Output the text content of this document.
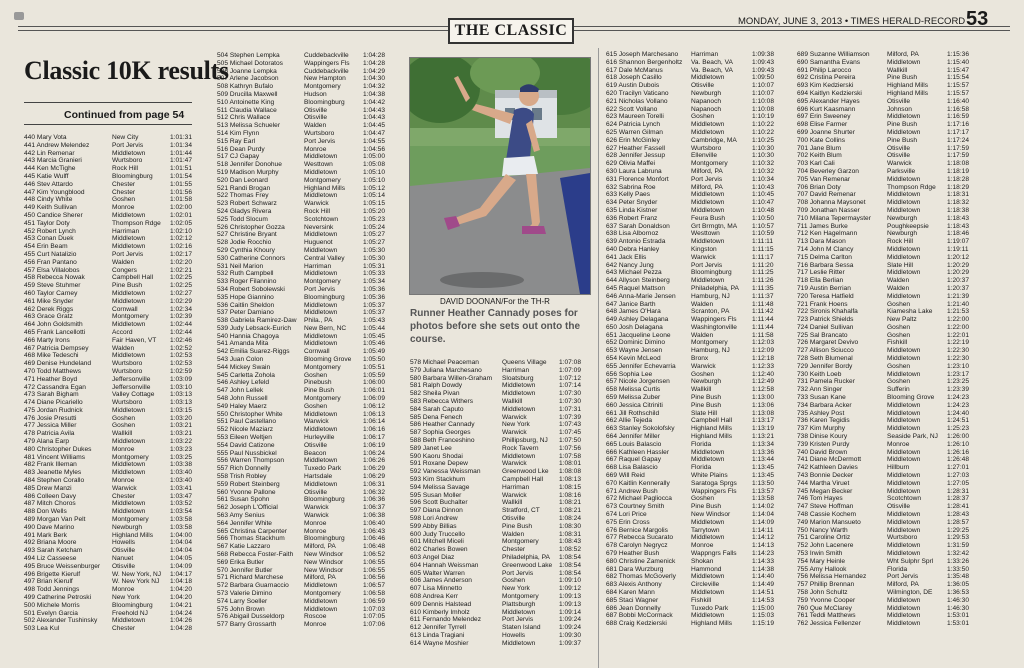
THE CLASSIC
MONDAY, JUNE 3, 2013 • TIMES HERALD-RECORD 53
Classic 10K results
Continued from page 54
440 Mary Vota	New City	1:01:31
441 Andrew Melendez	Port Jervis	1:01:34
442 Lin Remenar	Middletown	1:01:44
443 Marcia Granieri	Wurtsboro	1:01:47
444 Ken McTighe	Rock Hill	1:01:51
445 Katie Wulff	Bloomingburg	1:01:54
446 Stev Attardo	Chester	1:01:55
447 Kim Youngblood	Chester	1:01:56
448 Cindy White	Goshen	1:01:58
449 Keith Sullivan	Monroe	1:02:00
450 Candice Sherer	Middletown	1:02:01
451 Taylor Doty	Thompson Rdge	1:02:05
452 Robert Lynch	Harriman	1:02:10
453 Conan Duek	Middletown	1:02:12
454 Erin Beam	Middletown	1:02:16
455 Curt Natalizio	Port Jervis	1:02:17
456 Fran Pantano	Walden	1:02:20
457 Elsa Villalobos	Congers	1:02:21
458 Rebecca Nowak	Campbell Hall	1:02:25
459 Steve Stuhmer	Pine Bush	1:02:25
460 Taylor Carney	Middletown	1:02:27
461 Mike Snyder	Middletown	1:02:29
462 Derek Riggs	Cornwall	1:02:34
463 Grace Gratz	Montgomery	1:02:39
464 John Goldsmith	Middletown	1:02:44
465 Frank Lancellotti	Accord	1:02:44
466 Marty Irons	Fair Haven, VT	1:02:46
467 Patricia Dempsey	Walden	1:02:52
468 Mike Tedeschi	Middletown	1:02:53
469 Denise Hundeland	Wurtsboro	1:02:53
470 Todd Matthews	Wurtsboro	1:02:59
471 Heather Boyd	Jeffersonville	1:03:09
472 Cassandra Egan	Jeffersonville	1:03:10
473 Sarah Bigham	Valley Cottage	1:03:13
474 Diane Picariello	Wurtsboro	1:03:13
475 Jordan Rudnick	Middletown	1:03:15
476 Josie Presutti	Goshen	1:03:20
477 Jessica Miller	Goshen	1:03:21
478 Patricia Avila	Wallkill	1:03:21
479 Alana Earp	Middletown	1:03:22
480 Christopher Dukes	Monroe	1:03:23
481 Vincent Williams	Montgomery	1:03:25
482 Frank Illeman	Middletown	1:03:38
483 Jeanette Myles	Middletown	1:03:40
484 Stephen Corallo	Monroe	1:03:40
485 Drew Manzi	Warwick	1:03:41
486 Colleen Davy	Chester	1:03:47
487 Mitch Choros	Middletown	1:03:52
488 Don Wells	Middletown	1:03:54
489 Morgan Van Pelt	Montgomery	1:03:58
490 Dave Marino	Newburgh	1:03:58
491 Mark Berk	Highland Mills	1:04:00
492 Briana Moore	Howells	1:04:04
493 Sarah Ketcham	Otisville	1:04:04
494 Liz Casseese	Nanuet	1:04:05
495 Bruce Weissenburger	Otisville	1:04:09
496 Brigette Kierulf	W. New York, NJ	1:04:17
497 Brian Kierulf	W. New York NJ	1:04:18
498 Todd Jennings	Monroe	1:04:20
499 Catherine Petroski	New York	1:04:20
500 Michele Morris	Bloomingburg	1:04:21
501 Evelyn Garcia	Freehold NJ	1:04:24
502 Alexander Tushinsky	Middletown	1:04:26
503 Lea Kul	Chester	1:04:28
504 Stephen Lempka	Cuddebackville	1:04:28
505 Michael Dotoratos	Wappingers Fls	1:04:28
506 Joanne Lempka	Cuddebackville	1:04:29
507 Arlene Jacobson	New Hampton	1:04:30
508 Kathryn Bufalo	Montgomery	1:04:32
509 Drucilla Maxwell	Hudson	1:04:38
510 Antoinette King	Bloomingburg	1:04:42
511 Claudia Wallace	Otisville	1:04:43
512 Chris Wallace	Otisville	1:04:43
513 Melissa Schueler	Walden	1:04:45
514 Kim Flynn	Wurtsboro	1:04:47
515 Ray Earl	Port Jervis	1:04:55
516 Dean Purdy	Monroe	1:04:56
517 CJ Gapay	Middletown	1:05:00
518 Jennifer Donohue	Westtown	1:05:08
519 Madison Murphy	Middletown	1:05:10
520 Dan Leonard	Montgomery	1:05:10
521 Randi Brogan	Highland Mills	1:05:12
522 Thomas Frey	Middletown	1:05:14
523 Robert Schwarz	Warwick	1:05:15
524 Gladys Rivera	Rock Hill	1:05:20
525 Todd Slocum	Scotchtown	1:05:23
526 Christopher Gozza	Neversink	1:05:24
527 Christine Bryant	Middletown	1:05:27
528 Jodie Rocchio	Huguenot	1:05:27
529 Cynthia Khoury	Middletown	1:05:30
530 Catherine Connors	Central Valley	1:05:30
531 Neil Marion	Harriman	1:05:31
532 Ruth Campbell	Middletown	1:05:33
533 Roger Filannino	Montgomery	1:05:34
534 Robert Sobolewski	Port Jervis	1:05:36
535 Hope Giannino	Bloomingburg	1:05:36
536 Caitlin Sheldon	Middletown	1:05:37
537 Peter Damiano	Middletown	1:05:37
538 Gabriela Ramirez-Daw	Phila., PA	1:05:43
539 Judy Lebsack-Eurich	New Bern, NC	1:05:44
540 Hannia Chagoya	Middletown	1:05:45
541 Amanda Mita	Middletown	1:05:46
542 Emilia Suarez-Riggs	Cornwall	1:05:49
543 Juan Colon	Blooming Grove	1:05:50
544 Mickey Swain	Montgomery	1:05:51
545 Carletta Zohola	Goshen	1:05:59
546 Ashley Lefeld	Pinebush	1:06:00
547 John Lellek	Pine Bush	1:06:01
548 John Russell	Montgomery	1:06:09
549 Haley Maerz	Goshen	1:06:12
550 Christopher White	Middletown	1:06:13
551 Paul Castellano	Warwick	1:06:14
552 Nicole Maziarz	Middletown	1:06:16
553 Eileen Weltjen	Hurleyville	1:06:17
554 David Catizone	Otisville	1:06:19
555 Paul Nussbickel	Beacon	1:06:24
556 Warren Thompson	Middletown	1:06:26
557 Rich Donnelly	Tuxedo Park	1:06:29
558 Trish Robley	Hartsdale	1:06:29
559 Robert Steinberg	Middletown	1:06:31
560 Yvonne Pallone	Otisville	1:06:32
561 Susan Spohn	Bloomingburg	1:06:36
562 Joseph L'Official	Warwick	1:06:37
563 Amy Senius	Warwick	1:06:38
564 Jennifer White	Monroe	1:06:40
565 Christina Carpenter	Monroe	1:06:43
566 Thomas Stackhum	Bloomingburg	1:06:46
567 Katie Lazzaro	Milford, PA	1:06:48
568 Rebecca Foster-Faith	New Windsor	1:06:52
569 Erika Butler	New Windsor	1:06:55
570 Jennifer Butler	New Windsor	1:06:55
571 Richard Marchese	Milford, PA	1:06:56
572 Barbara Guarnaccio	Middletown	1:06:57
573 Valerie Dimino	Montgomery	1:06:58
574 Larry Soeller	Middletown	1:06:59
575 John Brown	Middletown	1:07:03
576 Abigail Dusseldorp	Roscoe	1:07:05
577 Barry Grossarth	Monroe	1:07:06
578 Michael Peaceman	Queens Village	1:07:08
579 Juliana Marchesano	Harriman	1:07:09
580 Barbara Willen-Graham	Sloatsburg	1:07:12
581 Ralph Dowdy	Middletown	1:07:14
582 Sheila Pivan	Middletown	1:07:30
583 Rebecca Withers	Wallkill	1:07:30
584 Sarah Caputo	Middletown	1:07:31
585 Dena Fenech	Warwick	1:07:39
586 Heather Cannady	New York	1:07:43
587 Sophia Georges	Warwick	1:07:45
588 Beth Franceshino	Phillipsburg, NJ	1:07:50
589 Janet Lee	Rock Tavern	1:07:56
590 Kaoru Shodai	Middletown	1:07:58
591 Roxane Depew	Warwick	1:08:01
592 Vanessa Weissman	Greenwood Lke	1:08:08
593 Kim Stackhum	Campbell Hall	1:08:13
594 Melissa Savage	Harriman	1:08:15
595 Susan Moller	Warwick	1:08:16
596 Scott Buchalter	Wallkill	1:08:21
597 Diana Dinnon	Stratford, CT	1:08:21
598 Lori Andrew	Otisville	1:08:24
599 Abby Billias	Pine Bush	1:08:30
600 Judy Truccello	Walden	1:08:31
601 Mitchell Miceli	Montgomery	1:08:43
602 Charles Bowen	Chester	1:08:52
603 Angel Diaz	Philadelphia, PA	1:08:54
604 Hannah Weissman	Greenwood Lake	1:08:54
605 Walter Warren	Port Jervis	1:08:54
606 James Anderson	Goshen	1:09:10
607 Lisa Minnetto	New York	1:09:12
608 Andrea Kerr	Montgomery	1:09:13
609 Dennis Halstead	Plattsburgh	1:09:13
610 Kimberly Imholz	Middletown	1:09:14
611 Fernando Melendez	Port Jervis	1:09:24
612 Jennifer Tyrrell	Staten Island	1:09:24
613 Linda Tragiani	Howells	1:09:30
614 Wayne Moshier	Middletown	1:09:37
615 Joseph Marchesano	Harriman	1:09:38
616 Shannon Bergenholtz	Va. Beach, VA	1:09:43
617 Dale McManus	Va. Beach, VA	1:09:43
618 Joseph Casillo	Middletown	1:09:50
619 Austin Dubois	Otisville	1:10:07
620 Tracilyn Vaticano	Newburgh	1:10:07
621 Nicholas Vollano	Napanoch	1:10:08
622 Scott Vollano	Napanoch	1:10:08
623 Maureen Torelli	Goshen	1:10:19
624 Patricia Lynch	Middletown	1:10:22
625 Warren Gilman	Middletown	1:10:22
626 Erin McGinley	Cambridge, MA	1:10:25
627 Heather Fassell	Wurtsboro	1:10:30
628 Jennifer Jessup	Ellenville	1:10:30
629 Olivia Maffei	Montgomery	1:10:32
630 Laura Labruna	Milford, PA	1:10:32
631 Florence Monfort	Port Jervis	1:10:34
632 Sabrina Roe	Milford, PA	1:10:43
633 Kelly Paes	Middletown	1:10:45
634 Peter Snyder	Middletown	1:10:47
635 Linda Kistner	Middletown	1:10:48
636 Robert Franz	Feura Bush	1:10:50
637 Sarah Donaldson	Grt Brrngtn, MA	1:10:57
638 Lisa Albornoz	Westtown	1:10:59
639 Antonio Estrada	Middletown	1:11:11
640 Debra Hanley	Kingston	1:11:15
641 Jack Ellis	Warwick	1:11:17
642 Nancy Jung	Port Jervis	1:11:20
643 Michael Pezza	Bloomingburg	1:11:25
644 Allyson Steinberg	Middletown	1:11:26
645 Raquel Mattson	Philadelphia, PA	1:11:35
646 Anna-Marie Jensen	Hamburg, NJ	1:11:37
647 Janice Barth	Walden	1:11:48
648 James O'Hara	Scranton, PA	1:11:42
649 Ashley Delagana	Wappingers Fls	1:11:44
650 Josh Delagana	Washingtonville	1:11:44
651 Jacqueline Leone	Walden	1:11:58
652 Dominic Dimino	Montgomery	1:12:03
653 Wayne Jensen	Hamburg, NJ	1:12:09
654 Kevin McLeod	Bronx	1:12:18
655 Jennifer Echevarria	Warwick	1:12:33
656 Sophia Lee	Goshen	1:12:40
657 Nicole Jorgensen	Newburgh	1:12:49
658 Melissa Curtis	Wallkill	1:12:58
659 Melissa Zuber	Pine Bush	1:13:00
660 Jessica Citriniti	Pine Bush	1:13:06
661 Jill Rothschild	Slate Hill	1:13:08
662 Allie Tejeda	Campbell Hall	1:13:17
663 Stanley Sokolofsky	Highland Mills	1:13:19
664 Jennifer Miller	Highland Mills	1:13:21
665 Louis Balascio	Florida	1:13:34
666 Kathleen Hassler	Middletown	1:13:36
667 Raquel Gapay	Middletown	1:13:44
668 Lisa Balascio	Florida	1:13:45
669 Will Reid	White Plains	1:13:45
670 Kaitlin Kennerally	Saratoga Sprgs	1:13:50
671 Andrew Bush	Wappingers Fls	1:13:57
672 Michael Pagliocca	Goshen	1:13:58
673 Courtney Smith	Pine Bush	1:14:02
674 Lori Price	New Windsor	1:14:04
675 Erin Cross	Middletown	1:14:09
676 Bernice Margolis	Tarrytown	1:14:11
677 Rebecca Sucarato	Middletown	1:14:12
678 Carolyn Negrycz	Monroe	1:14:13
679 Heather Bush	Wappngrs Falls	1:14:23
680 Christine Zamenick	Shokan	1:14:33
681 Dara Wurzburg	Hammond	1:14:38
682 Thomas McGoverly	Middletown	1:14:40
683 Alexis Anthony	Circleville	1:14:49
684 Karen Mann	Middletown	1:14:51
685 Staci Wagner	Fishkill	1:14:53
686 Jean Donnelly	Tuxedo Park	1:15:00
687 Bobbi McCormack	Middletown	1:15:03
688 Craig Kedzierski	Highland Mills	1:15:19
689 Suzanne Williamson	Milford, PA	1:15:36
690 Samantha Evans	Middletown	1:15:40
691 Philip Larocco	Wallkill	1:15:47
692 Cristina Pereira	Pine Bush	1:15:54
693 Kim Kedzierski	Highland Mills	1:15:57
694 Kaitlyn Kedzierski	Highland Mills	1:15:57
695 Alexander Hayes	Otisville	1:16:40
696 Kurt Kaasmann	Johnson	1:16:58
697 Erin Sweeney	Middletown	1:16:59
698 Elise Farmer	Pine Bush	1:17:16
699 Joanne Shurter	Middletown	1:17:17
700 Kate Collins	Pine Bush	1:17:24
701 Jane Blum	Otisville	1:17:59
702 Keith Blum	Otisville	1:17:59
703 Karl Cali	Warwick	1:18:08
704 Beverley Garzon	Parksville	1:18:19
705 Van Remenar	Middletown	1:18:28
706 Brian Doty	Thompson Rdge	1:18:29
707 David Remenar	Middletown	1:18:31
708 Johanna Maysonet	Middletown	1:18:32
709 Jonathan Nasser	Middletown	1:18:38
710 Milana Tepermayster	Newburgh	1:18:43
711 James Burke	Poughkeepsie	1:18:43
712 Ken Hagelmann	Newburgh	1:18:46
713 Dara Mason	Rock Hill	1:19:07
714 John M Clancy	Middletown	1:19:11
715 Delma Carlton	Middletown	1:20:12
716 Barbara Sessa	Slate Hill	1:20:29
717 Leslie Ritter	Middletown	1:20:29
718 Ella Berlian	Walden	1:20:37
719 Austin Berrian	Walden	1:20:37
720 Teresa Hatfield	Middletown	1:21:39
721 Frank Hoens	Goshen	1:21:40
722 Sironis Khahalfa	Kiamesha Lake	1:21:53
723 Patrick Shields	New Paltz	1:22:00
724 Daniel Sullivan	Goshen	1:22:00
725 Sal Brancato	Goshen	1:22:01
726 Margaret Devivo	Fishkill	1:22:19
727 Allison Sciucco	Middletown	1:22:30
728 Seth Blumenal	Middletown	1:22:30
729 Jennifer Bordy	Goshen	1:23:10
730 Keith Loeb	Middletown	1:23:17
731 Pamela Rucker	Goshen	1:23:25
732 Ann Singer	Sufferin	1:23:39
733 Susan Kane	Blooming Grove	1:24:23
734 Barbara Acker	Middletown	1:24:23
735 Ashley Post	Middletown	1:24:40
736 Karen Tegidis	Middletown	1:24:51
737 Kim Murphy	Middletown	1:25:23
738 Dinise Koury	Seaside Park, NJ	1:26:00
739 Kristen Purdy	Monroe	1:26:10
740 David Brown	Middletown	1:26:16
741 Diane McDermott	Middletown	1:26:48
742 Kathleen Davies	Hillburn	1:27:01
743 Bonnie Decker	Middletown	1:27:03
744 Martha Viruet	Middletown	1:27:05
745 Megan Becker	Middletown	1:28:31
746 Tom Hayes	Scotchtown	1:28:37
747 Steve Hoffman	Otisville	1:28:41
748 Cassie Kochem	Middletown	1:28:43
749 Marion Mansueto	Middletown	1:28:57
750 Nancy Warth	Middletown	1:29:25
751 Caroline Ortiz	Wurtsboro	1:29:53
752 John Lacenere	Middletown	1:31:59
753 Irwin Smith	Middletown	1:32:42
754 Mary Heinle	Wht Sulphr Sprl	1:33:26
755 Amy Hallook	Florida	1:33:50
756 Melissa Hernandez	Port Jervis	1:35:48
757 Phillip Brennan	Milford, PA	1:36:05
758 John Schultz	Wilmington, DE	1:36:53
759 Yvonne Cooper	Middletown	1:46:30
760 Que McClarey	Middletown	1:46:30
761 Teddi Matthews	Middletown	1:53:01
762 Jessica Fellenzer	Middletown	1:53:01
DAVID DOONAN/For the TH-R
Runner Heather Cannady poses for photos before she sets out onto the course.
